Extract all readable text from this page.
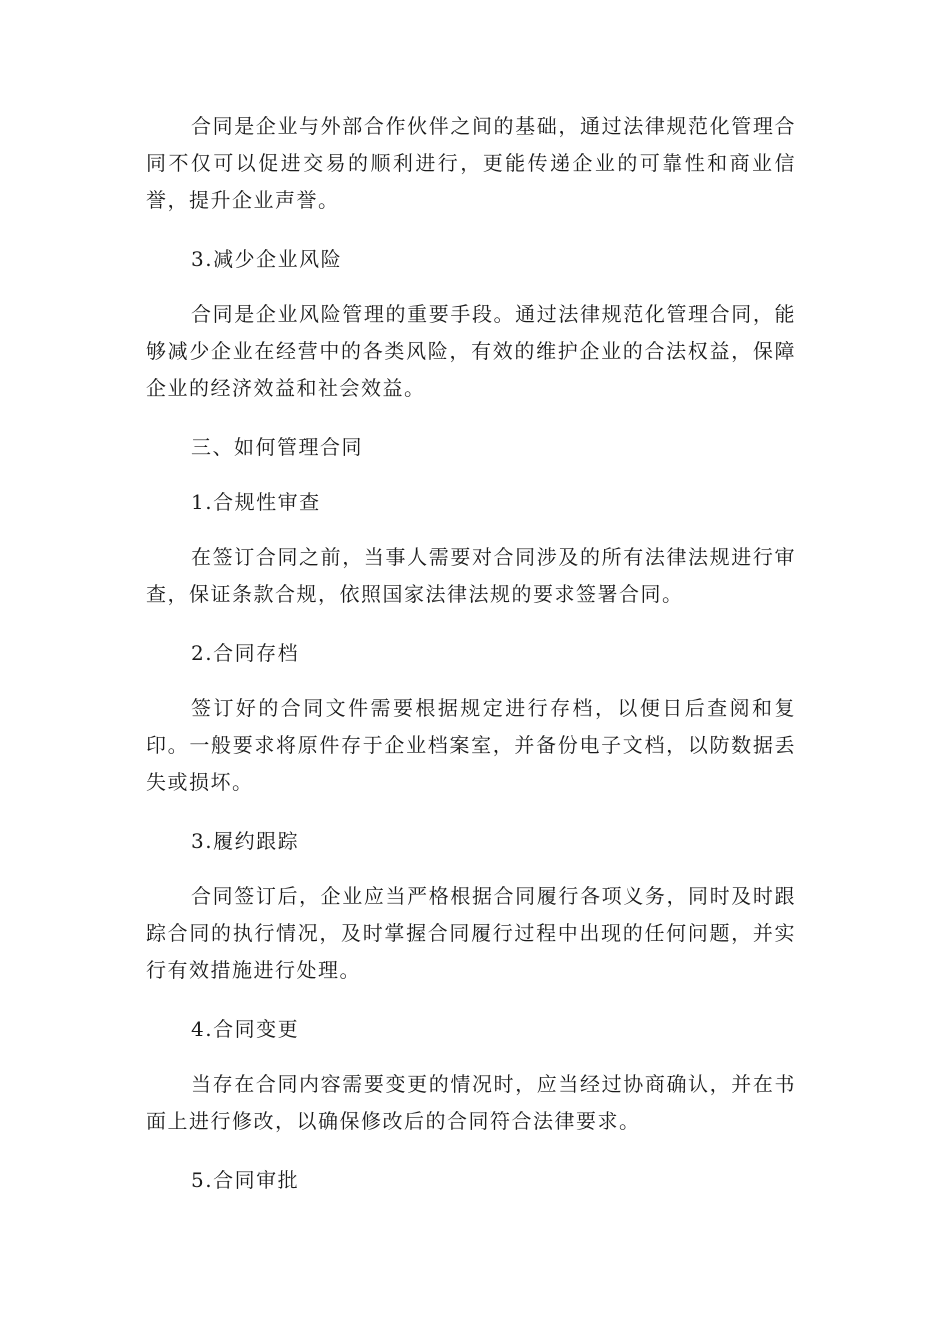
合同是企业与外部合作伙伴之间的基础，通过法律规范化管理合同不仅可以促进交易的顺利进行，更能传递企业的可靠性和商业信誉，提升企业声誉。

3.减少企业风险

合同是企业风险管理的重要手段。通过法律规范化管理合同，能够减少企业在经营中的各类风险，有效的维护企业的合法权益，保障企业的经济效益和社会效益。

三、如何管理合同

1.合规性审查

在签订合同之前，当事人需要对合同涉及的所有法律法规进行审查，保证条款合规，依照国家法律法规的要求签署合同。

2.合同存档

签订好的合同文件需要根据规定进行存档，以便日后查阅和复印。一般要求将原件存于企业档案室，并备份电子文档，以防数据丢失或损坏。

3.履约跟踪

合同签订后，企业应当严格根据合同履行各项义务，同时及时跟踪合同的执行情况，及时掌握合同履行过程中出现的任何问题，并实行有效措施进行处理。

4.合同变更

当存在合同内容需要变更的情况时，应当经过协商确认，并在书面上进行修改，以确保修改后的合同符合法律要求。

5.合同审批
